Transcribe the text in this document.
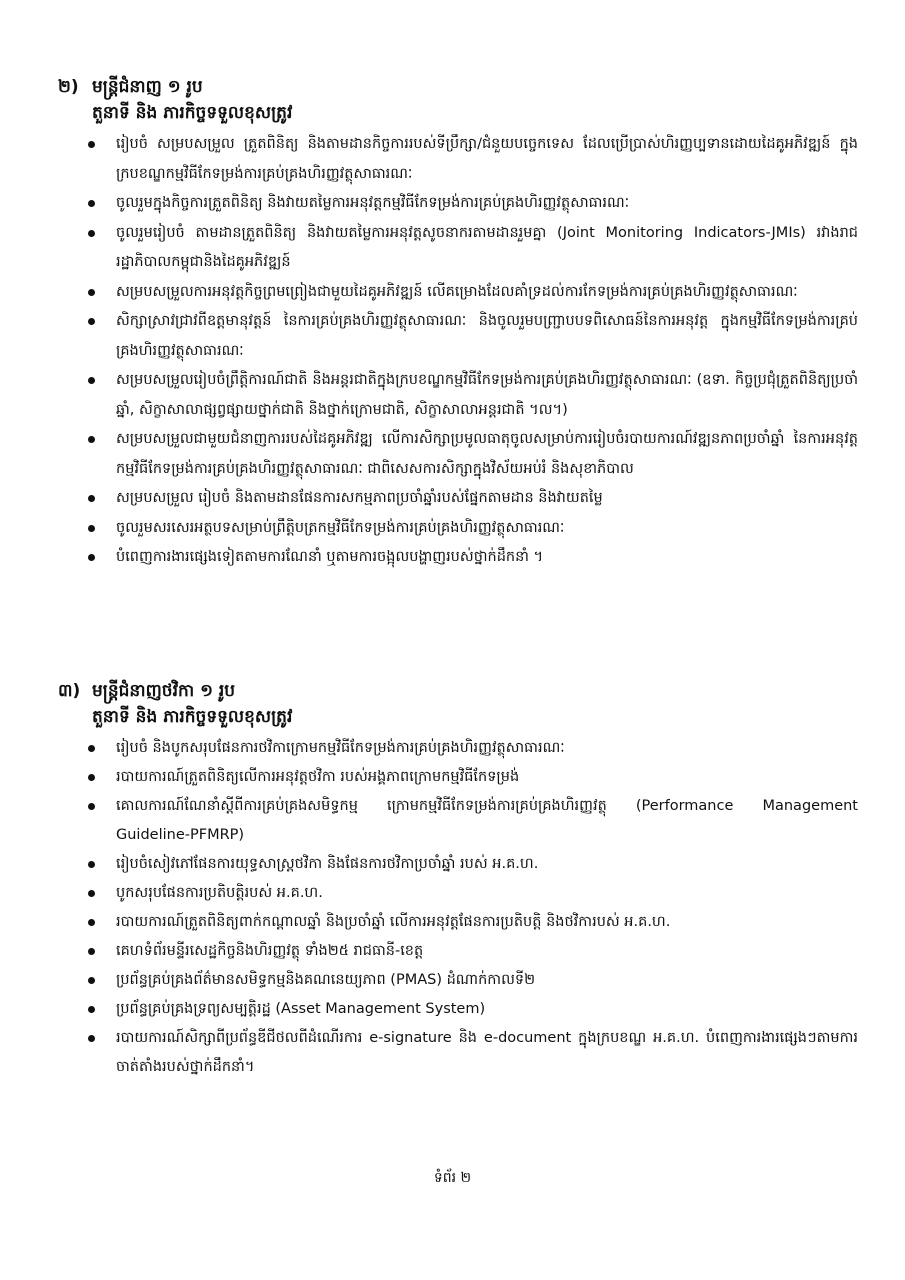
២) មន្ត្រីជំនាញ ១ រូប
តួនាទី និង ភារកិច្ចទទួលខុសត្រូវ
រៀបចំ សម្របសម្រួល ត្រួតពិនិត្យ និងតាមដានកិច្ចការរបស់ទីប្រឹក្សា/ជំនួយបច្ចេកទេស ដែលប្រើប្រាស់ហិរញ្ញប្បទានដោយដៃគូអភិវឌ្ឍន៍ ក្នុងក្របខណ្ឌកម្មវិធីកែទម្រង់ការគ្រប់គ្រងហិរញ្ញវត្ថុសាធារណៈ
ចូលរួមក្នុងកិច្ចការត្រួតពិនិត្យ និងវាយតម្លៃការអនុវត្តកម្មវិធីកែទម្រង់ការគ្រប់គ្រងហិរញ្ញវត្ថុសាធារណៈ
ចូលរួមរៀបចំ តាមដានត្រួតពិនិត្យ និងវាយតម្លៃការអនុវត្តសូចនាករតាមដានរួមគ្នា (Joint Monitoring Indicators-JMIs) រវាងរាជរដ្ឋាភិបាលកម្ពុជានិងដៃគូអភិវឌ្ឍន៍
សម្របសម្រួលការអនុវត្តកិច្ចព្រមព្រៀងជាមួយដៃគូអភិវឌ្ឍន៍ លើគម្រោងដែលគាំទ្រដល់ការកែទម្រង់ការគ្រប់គ្រងហិរញ្ញវត្ថុសាធារណៈ
សិក្សាស្រាវជ្រាវពីឧត្តមានុវត្តន៍ នៃការគ្រប់គ្រងហិរញ្ញវត្ថុសាធារណៈ និងចូលរួមបញ្ជ្រាបបទពិសោធន៍នៃការអនុវត្ត ក្នុងកម្មវិធីកែទម្រង់ការគ្រប់គ្រងហិរញ្ញវត្ថុសាធារណៈ
សម្របសម្រួលរៀបចំព្រឹត្តិការណ៍ជាតិ និងអន្តរជាតិក្នុងក្របខណ្ឌកម្មវិធីកែទម្រង់ការគ្រប់គ្រងហិរញ្ញវត្ថុសាធារណៈ (ឧទា. កិច្ចប្រជុំត្រួតពិនិត្យប្រចាំឆ្នាំ, សិក្ខាសាលាផ្សព្វផ្សាយថ្នាក់ជាតិ និងថ្នាក់ក្រោមជាតិ, សិក្ខាសាលាអន្តរជាតិ ។ល។)
សម្របសម្រួលជាមួយជំនាញការរបស់ដៃគូអភិវឌ្ឍ លើការសិក្សាប្រមូលធាតុចូលសម្រាប់ការរៀបចំរបាយការណ៍វឌ្ឍនភាពប្រចាំឆ្នាំ នៃការអនុវត្តកម្មវិធីកែទម្រង់ការគ្រប់គ្រងហិរញ្ញវត្ថុសាធារណៈ ជាពិសេសការសិក្សាក្នុងវិស័យអប់រំ និងសុខាភិបាល
សម្របសម្រួល រៀបចំ និងតាមដានផែនការសកម្មភាពប្រចាំឆ្នាំរបស់ផ្នែកតាមដាន និងវាយតម្លៃ
ចូលរួមសរសេរអត្ថបទសម្រាប់ព្រឹត្តិបត្រកម្មវិធីកែទម្រង់ការគ្រប់គ្រងហិរញ្ញវត្ថុសាធារណៈ
បំពេញការងារផ្សេងទៀតតាមការណែនាំ ឬតាមការចង្អុលបង្ហាញរបស់ថ្នាក់ដឹកនាំ ។
៣) មន្ត្រីជំនាញថវិកា ១ រូប
តួនាទី និង ភារកិច្ចទទួលខុសត្រូវ
រៀបចំ និងបូកសរុបផែនការថវិកាក្រោមកម្មវិធីកែទម្រង់ការគ្រប់គ្រងហិរញ្ញវត្ថុសាធារណៈ
របាយការណ៍ត្រួតពិនិត្យលើការអនុវត្តថវិកា របស់អង្គភាពក្រោមកម្មវិធីកែទម្រង់
គោលការណ៍ណែនាំស្តីពីការគ្រប់គ្រងសមិទ្ធកម្ម ក្រោមកម្មវិធីកែទម្រង់ការគ្រប់គ្រងហិរញ្ញវត្ថុ (Performance Management Guideline-PFMRP)
រៀបចំសៀវភៅផែនការយុទ្ធសាស្ត្រថវិកា និងផែនការថវិកាប្រចាំឆ្នាំ របស់ អ.គ.ហ.
បូកសរុបផែនការប្រតិបត្តិរបស់ អ.គ.ហ.
របាយការណ៍ត្រួតពិនិត្យពាក់កណ្តាលឆ្នាំ និងប្រចាំឆ្នាំ លើការអនុវត្តផែនការប្រតិបត្តិ និងថវិការបស់ អ.គ.ហ.
គេហទំព័រមន្ទីរសេដ្ឋកិច្ចនិងហិរញ្ញវត្ថុ ទាំង២៥ រាជធានី-ខេត្ត
ប្រព័ន្ធគ្រប់គ្រងព័ត៌មានសមិទ្ធកម្មនិងគណនេយ្យភាព (PMAS) ដំណាក់កាលទី២
ប្រព័ន្ធគ្រប់គ្រងទ្រព្យសម្បត្តិរដ្ឋ (Asset Management System)
របាយការណ៍សិក្សាពីប្រព័ន្ធឌីជីថលពីដំណើរការ e-signature និង e-document ក្នុងក្របខណ្ឌ អ.គ.ហ. បំពេញការងារផ្សេងៗតាមការចាត់តាំងរបស់ថ្នាក់ដឹកនាំ។
ទំព័រ ២
